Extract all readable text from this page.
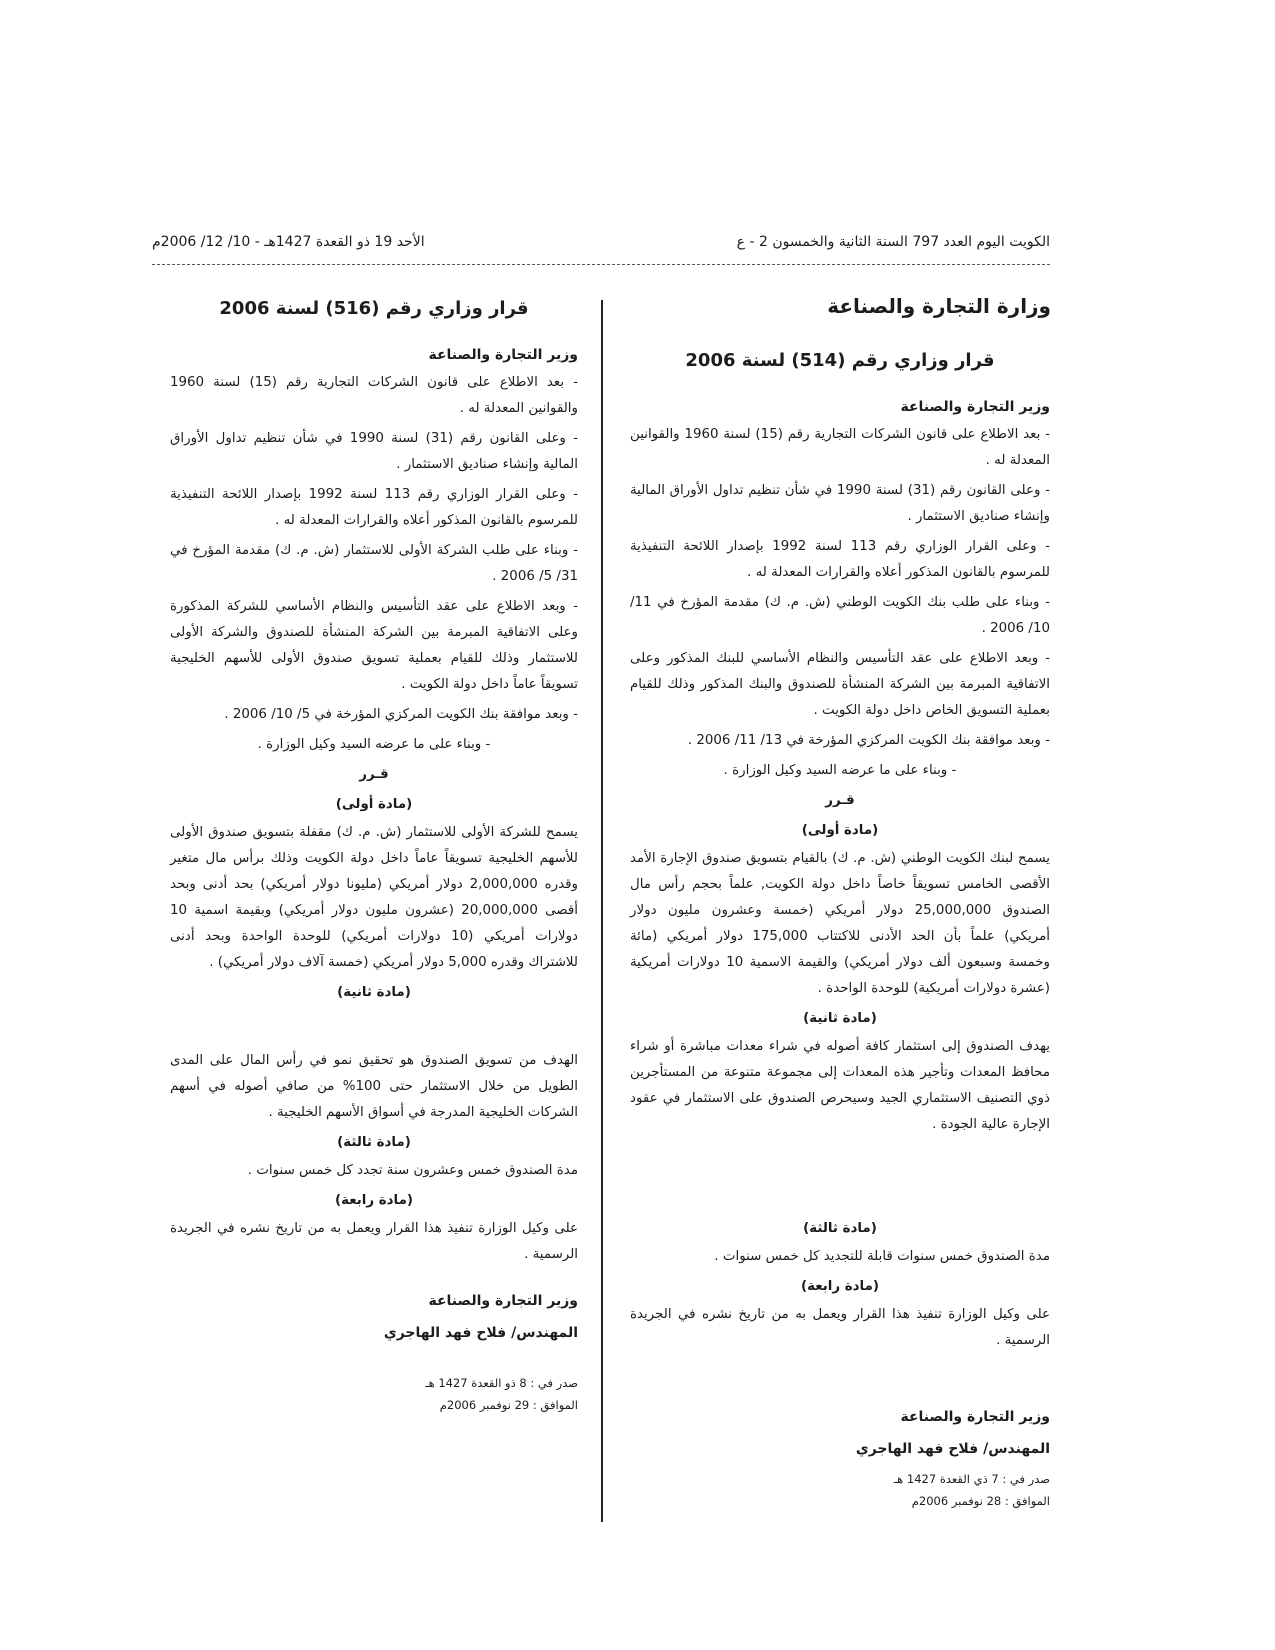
الكويت اليوم العدد 797 السنة الثانية والخمسون 2 - ع
الأحد 19 ذو القعدة 1427هـ - 10/ 12/ 2006م
وزارة التجارة والصناعة
قرار وزاري رقم (514) لسنة 2006
وزير التجارة والصناعة

- بعد الاطلاع على قانون الشركات التجارية رقم (15) لسنة 1960 والقوانين المعدلة له .

- وعلى القانون رقم (31) لسنة 1990 في شأن تنظيم تداول الأوراق المالية وإنشاء صناديق الاستثمار .

- وعلى القرار الوزاري رقم 113 لسنة 1992 بإصدار اللائحة التنفيذية للمرسوم بالقانون المذكور أعلاه والقرارات المعدلة له .

- وبناء على طلب بنك الكويت الوطني (ش. م. ك) مقدمة المؤرخ في 11/ 10/ 2006 .

- وبعد الاطلاع على عقد التأسيس والنظام الأساسي للبنك المذكور وعلى الاتفاقية المبرمة بين الشركة المنشأة للصندوق والبنك المذكور وذلك للقيام بعملية التسويق الخاص داخل دولة الكويت .

- وبعد موافقة بنك الكويت المركزي المؤرخة في 13/ 11/ 2006 .

- وبناء على ما عرضه السيد وكيل الوزارة .

قـرر
(مادة أولى)

يسمح لبنك الكويت الوطني (ش. م. ك) بالقيام بتسويق صندوق الإجارة الأمد الأقصى الخامس تسويقاً خاصاً داخل دولة الكويت, علماً بحجم رأس مال الصندوق 25,000,000 دولار أمريكي (خمسة وعشرون مليون دولار أمريكي) علماً بأن الحد الأدنى للاكتتاب 175,000 دولار أمريكي (مائة وخمسة وسبعون ألف دولار أمريكي) والقيمة الاسمية 10 دولارات أمريكية (عشرة دولارات أمريكية) للوحدة الواحدة .

(مادة ثانية)

يهدف الصندوق إلى استثمار كافة أصوله في شراء معدات مباشرة أو شراء محافظ المعدات وتأجير هذه المعدات إلى مجموعة متنوعة من المستأجرين ذوي التصنيف الاستثماري الجيد وسيحرص الصندوق على الاستثمار في عقود الإجارة عالية الجودة .

(مادة ثالثة)

مدة الصندوق خمس سنوات قابلة للتجديد كل خمس سنوات .

(مادة رابعة)

على وكيل الوزارة تنفيذ هذا القرار ويعمل به من تاريخ نشره في الجريدة الرسمية .

وزير التجارة والصناعة
المهندس/ فلاح فهد الهاجري
صدر في : 7 ذي القعدة 1427 هـ
الموافق : 28 نوفمبر 2006م
قرار وزاري رقم (516) لسنة 2006
وزير التجارة والصناعة

- بعد الاطلاع على قانون الشركات التجارية رقم (15) لسنة 1960 والقوانين المعدلة له .

- وعلى القانون رقم (31) لسنة 1990 في شأن تنظيم تداول الأوراق المالية وإنشاء صناديق الاستثمار .

- وعلى القرار الوزاري رقم 113 لسنة 1992 بإصدار اللائحة التنفيذية للمرسوم بالقانون المذكور أعلاه والقرارات المعدلة له .

- وبناء على طلب الشركة الأولى للاستثمار (ش. م. ك) مقدمة المؤرخ في 31/ 5/ 2006 .

- وبعد الاطلاع على عقد التأسيس والنظام الأساسي للشركة المذكورة وعلى الاتفاقية المبرمة بين الشركة المنشأة للصندوق والشركة الأولى للاستثمار وذلك للقيام بعملية تسويق صندوق الأولى للأسهم الخليجية تسويقاً عاماً داخل دولة الكويت .

- وبعد موافقة بنك الكويت المركزي المؤرخة في 5/ 10/ 2006 .

- وبناء على ما عرضه السيد وكيل الوزارة .

قـرر
(مادة أولى)

يسمح للشركة الأولى للاستثمار (ش. م. ك) مقفلة بتسويق صندوق الأولى للأسهم الخليجية تسويقاً عاماً داخل دولة الكويت وذلك برأس مال متغير وقدره 2,000,000 دولار أمريكي (مليونا دولار أمريكي) بحد أدنى وبحد أقصى 20,000,000 (عشرون مليون دولار أمريكي) وبقيمة اسمية 10 دولارات أمريكي (10 دولارات أمريكي) للوحدة الواحدة وبحد أدنى للاشتراك وقدره 5,000 دولار أمريكي (خمسة آلاف دولار أمريكي) .

(مادة ثانية)

الهدف من تسويق الصندوق هو تحقيق نمو في رأس المال على المدى الطويل من خلال الاستثمار حتى 100% من صافي أصوله في أسهم الشركات الخليجية المدرجة في أسواق الأسهم الخليجية .

(مادة ثالثة)

مدة الصندوق خمس وعشرون سنة تجدد كل خمس سنوات .

(مادة رابعة)

على وكيل الوزارة تنفيذ هذا القرار ويعمل به من تاريخ نشره في الجريدة الرسمية .

وزير التجارة والصناعة
المهندس/ فلاح فهد الهاجري
صدر في : 8 ذو القعدة 1427 هـ
الموافق : 29 نوفمبر 2006م
